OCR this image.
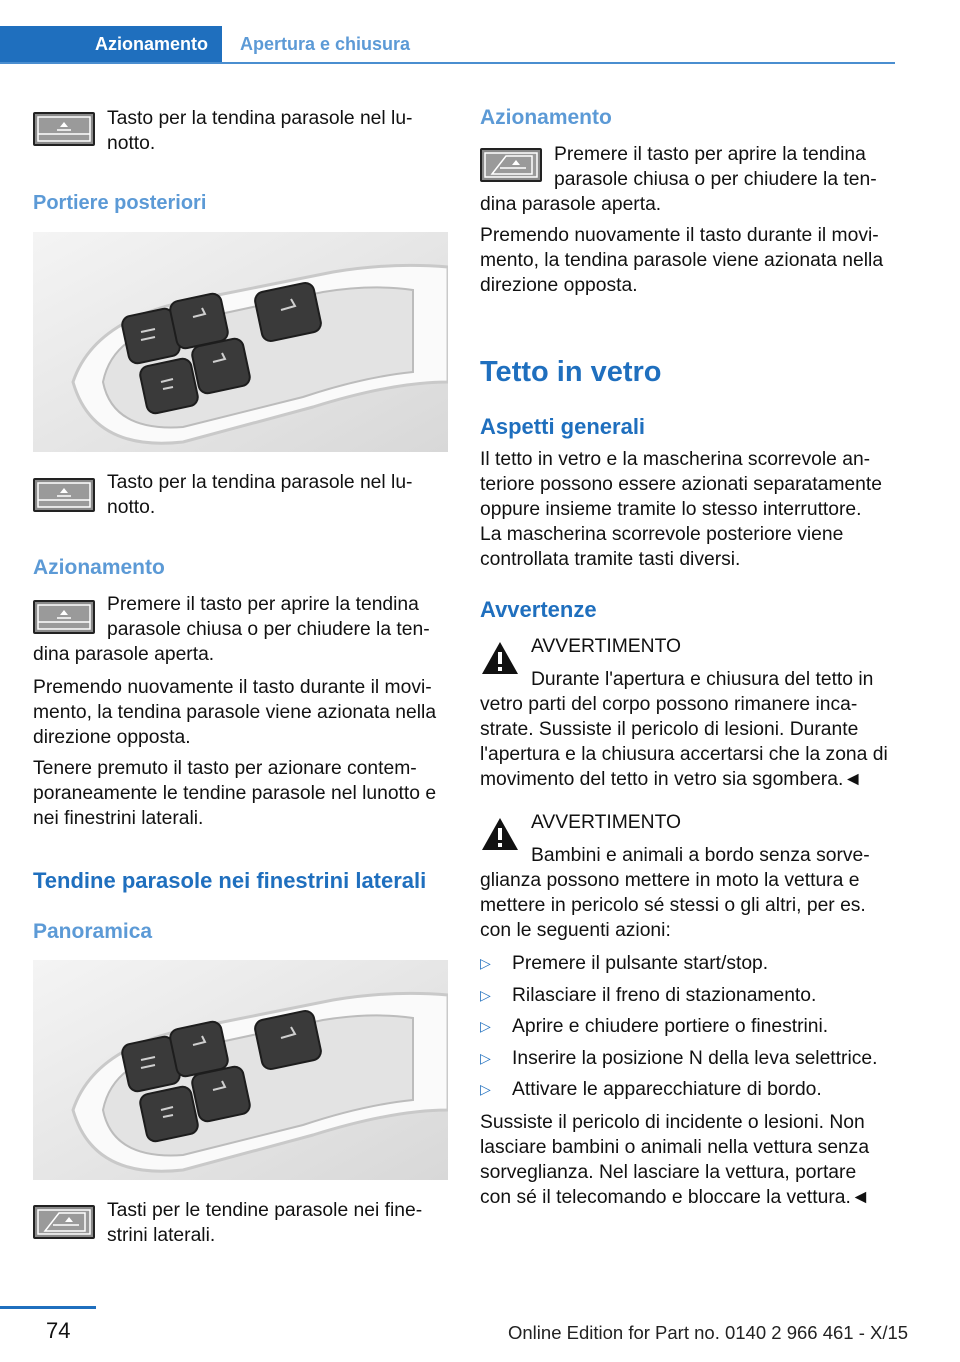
Azionamento	Apertura e chiusura
Tasto per la tendina parasole nel lu-
notto.
Portiere posteriori
Tasto per la tendina parasole nel lu-
notto.
Azionamento
Premere il tasto per aprire la tendina
parasole chiusa o per chiudere la ten-
dina parasole aperta.
Premendo nuovamente il tasto durante il movi-
mento, la tendina parasole viene azionata nella
direzione opposta.
Tenere premuto il tasto per azionare contem-
poraneamente le tendine parasole nel lunotto e
nei finestrini laterali.
Tendine parasole nei finestrini laterali
Panoramica
Tasti per le tendine parasole nei fine-
strini laterali.
Azionamento
Premere il tasto per aprire la tendina
parasole chiusa o per chiudere la ten-
dina parasole aperta.
Premendo nuovamente il tasto durante il movi-
mento, la tendina parasole viene azionata nella
direzione opposta.
Tetto in vetro
Aspetti generali
Il tetto in vetro e la mascherina scorrevole an-
teriore possono essere azionati separatamente
oppure insieme tramite lo stesso interruttore.
La mascherina scorrevole posteriore viene
controllata tramite tasti diversi.
Avvertenze
AVVERTIMENTO
Durante l'apertura e chiusura del tetto in
vetro parti del corpo possono rimanere inca-
strate. Sussiste il pericolo di lesioni. Durante
l'apertura e la chiusura accertarsi che la zona di
movimento del tetto in vetro sia sgombera.◄
AVVERTIMENTO
Bambini e animali a bordo senza sorve-
glianza possono mettere in moto la vettura e
mettere in pericolo sé stessi o gli altri, per es.
con le seguenti azioni:
▷	Premere il pulsante start/stop.
▷	Rilasciare il freno di stazionamento.
▷	Aprire e chiudere portiere o finestrini.
▷	Inserire la posizione N della leva selettrice.
▷	Attivare le apparecchiature di bordo.
Sussiste il pericolo di incidente o lesioni. Non
lasciare bambini o animali nella vettura senza
sorveglianza. Nel lasciare la vettura, portare
con sé il telecomando e bloccare la vettura.◄
74	Online Edition for Part no. 0140 2 966 461 - X/15
